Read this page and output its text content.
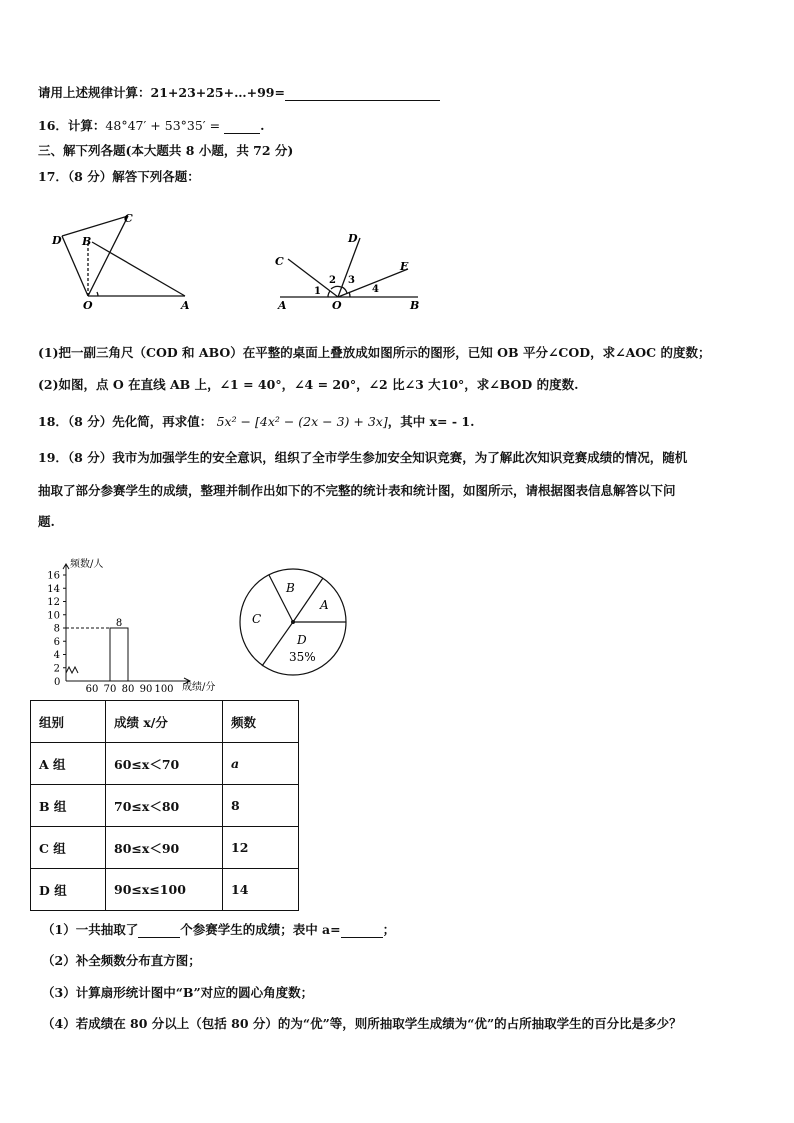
请用上述规律计算：21+23+25+…+99=
16．计算：48°47′ + 53°35′ =	.
三、解下列各题(本大题共 8 小题，共 72 分)
17．（8 分）解答下列各题：
D B
C
O	A
C
D
E
A	O	B
1
2 3
4
(1)把一副三角尺（COD 和 ABO）在平整的桌面上叠放成如图所示的图形，已知 OB 平分∠COD，求∠AOC 的度数；
(2)如图，点 O 在直线 AB 上，∠1 = 40°，∠4 = 20°，∠2 比∠3 大10°，求∠BOD 的度数.
18．（8 分）先化简，再求值： 5x² − [4x² − (2x − 3) + 3x]，其中 x= - 1.
19．（8 分）我市为加强学生的安全意识，组织了全市学生参加安全知识竞赛，为了解此次知识竞赛成绩的情况，随机
抽取了部分参赛学生的成绩，整理并制作出如下的不完整的统计表和统计图，如图所示，请根据图表信息解答以下问
题.
频数/人
成绩/分
0
2
4
6
8
10
12
14
16
60 70 80 90 100
8
B
A
C
D
35%
组别	成绩 x/分	频数
A 组	60≤x＜70	a
B 组	70≤x＜80	8
C 组	80≤x＜90	12
D 组	90≤x≤100	14
（1）一共抽取了	个参赛学生的成绩；表中 a=	；
（2）补全频数分布直方图；
（3）计算扇形统计图中“B”对应的圆心角度数；
（4）若成绩在 80 分以上（包括 80 分）的为“优”等，则所抽取学生成绩为“优”的占所抽取学生的百分比是多少？
